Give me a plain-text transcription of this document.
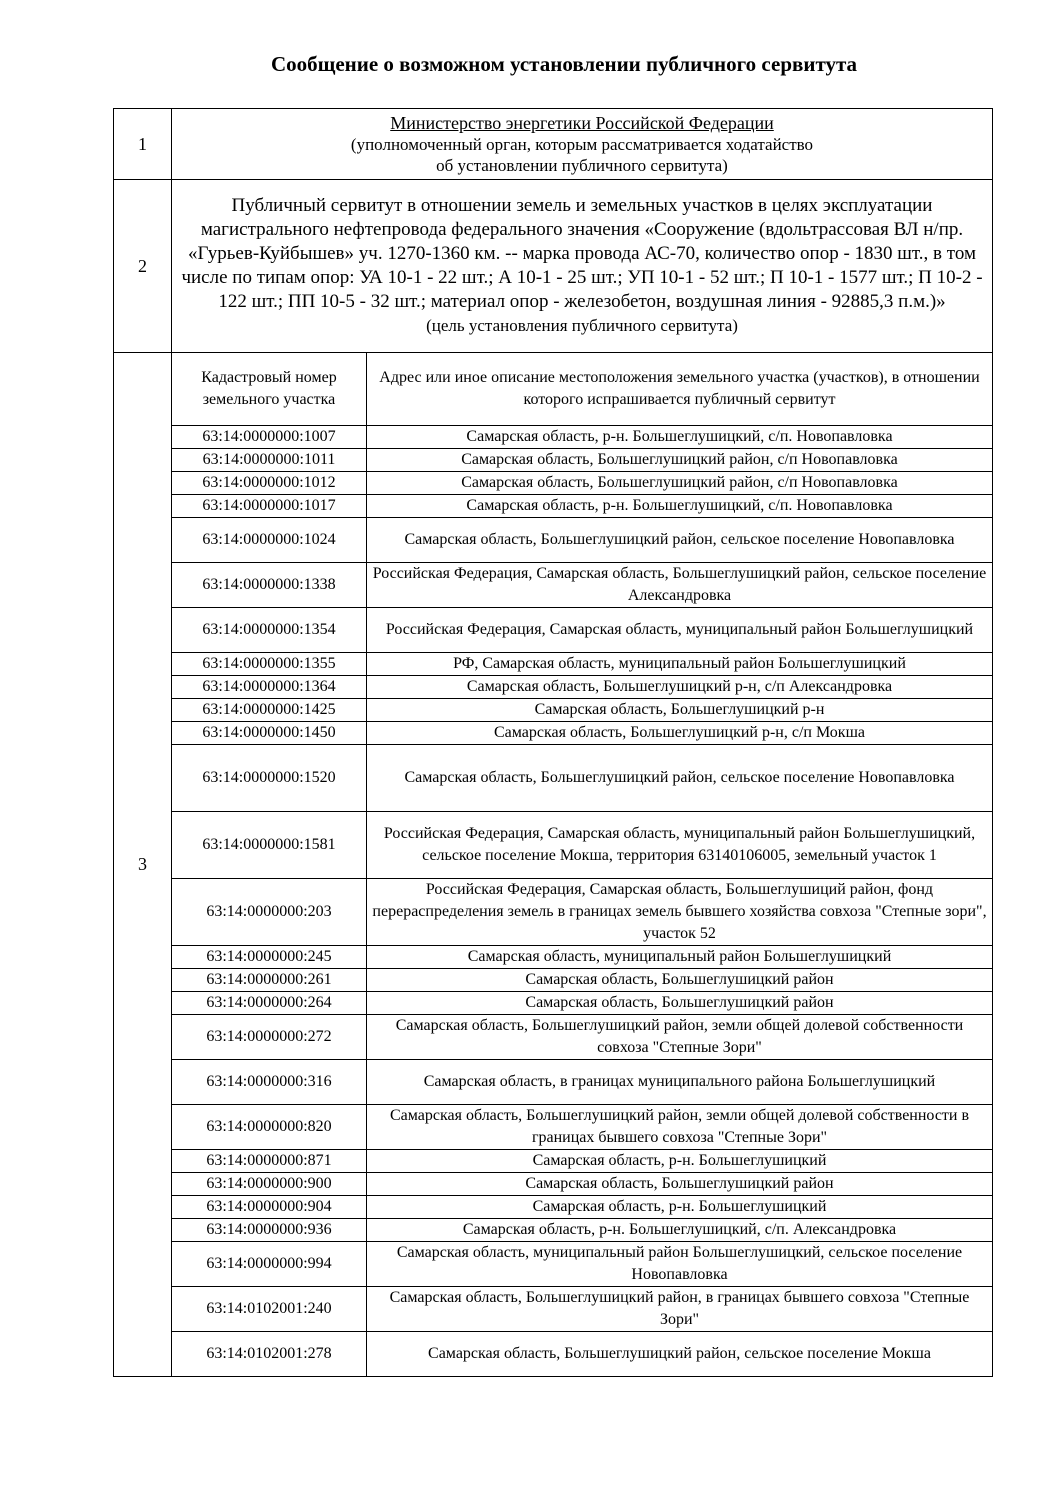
Сообщение о возможном установлении публичного сервитута
1	
Министерство энергетики Российской Федерации
(уполномоченный орган, которым рассматривается ходатайство
об установлении публичного сервитута)

2	
Публичный сервитут в отношении земель и земельных участков в целях эксплуатации магистрального нефтепровода федерального значения «Сооружение (вдольтрассовая ВЛ н/пр. «Гурьев-Куйбышев» уч. 1270-1360 км. -- марка провода АС-70, количество опор - 1830 шт., в том числе по типам опор: УА 10-1 - 22 шт.; А 10-1 - 25 шт.; УП 10-1 - 52 шт.; П 10-1 - 1577 шт.; П 10-2 - 122 шт.; ПП 10-5 - 32 шт.; материал опор - железобетон, воздушная линия - 92885,3 п.м.)»
(цель установления публичного сервитута)

3	
Кадастровый номер земельного участка	Адрес или иное описание местоположения земельного участка (участков), в отношении которого испрашивается публичный сервитут
63:14:0000000:1007	Самарская область, р-н. Большеглушицкий, с/п. Новопавловка
63:14:0000000:1011	Самарская область, Большеглушицкий район, с/п Новопавловка
63:14:0000000:1012	Самарская область, Большеглушицкий район, с/п Новопавловка
63:14:0000000:1017	Самарская область, р-н. Большеглушицкий, с/п. Новопавловка
63:14:0000000:1024	Самарская область, Большеглушицкий район, сельское поселение Новопавловка
63:14:0000000:1338	Российская Федерация, Самарская область, Большеглушицкий район, сельское поселение Александровка
63:14:0000000:1354	Российская Федерация, Самарская область, муниципальный район Большеглушицкий
63:14:0000000:1355	РФ, Самарская область, муниципальный район Большеглушицкий
63:14:0000000:1364	Самарская область, Большеглушицкий р-н, с/п Александровка
63:14:0000000:1425	Самарская область, Большеглушицкий р-н
63:14:0000000:1450	Самарская область, Большеглушицкий р-н, с/п Мокша
63:14:0000000:1520	Самарская область, Большеглушицкий район, сельское поселение Новопавловка
63:14:0000000:1581	Российская Федерация, Самарская область, муниципальный район Большеглушицкий, сельское поселение Мокша, территория 63140106005, земельный участок 1
63:14:0000000:203	Российская Федерация, Самарская область, Большеглушиций район, фонд перераспределения земель в границах земель бывшего хозяйства совхоза "Степные зори", участок 52
63:14:0000000:245	Самарская область, муниципальный район Большеглушицкий
63:14:0000000:261	Самарская область, Большеглушицкий район
63:14:0000000:264	Самарская область, Большеглушицкий район
63:14:0000000:272	Самарская область, Большеглушицкий район, земли общей долевой собственности совхоза "Степные Зори"
63:14:0000000:316	Самарская область, в границах муниципального района Большеглушицкий
63:14:0000000:820	Самарская область, Большеглушицкий район, земли общей долевой собственности в границах бывшего совхоза "Степные Зори"
63:14:0000000:871	Самарская область, р-н. Большеглушицкий
63:14:0000000:900	Самарская область, Большеглушицкий район
63:14:0000000:904	Самарская область, р-н. Большеглушицкий
63:14:0000000:936	Самарская область, р-н. Большеглушицкий, с/п. Александровка
63:14:0000000:994	Самарская область, муниципальный район Большеглушицкий, сельское поселение Новопавловка
63:14:0102001:240	Самарская область, Большеглушицкий район, в границах бывшего совхоза "Степные Зори"
63:14:0102001:278	Самарская область, Большеглушицкий район, сельское поселение Мокша
